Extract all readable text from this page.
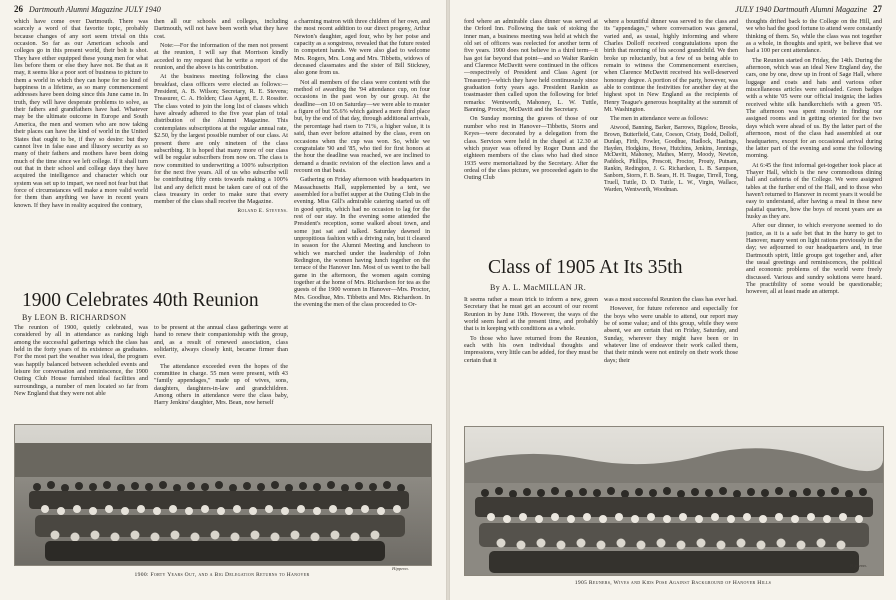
26 Dartmouth Alumni Magazine JULY 1940

which have come over Dartmouth. There was scarcely a word of that favorite topic, probably because changes of any sort seem trivial on this occasion. So far as our American schools and colleges go in this present world, their bolt is shot. They have either equipped these young men for what lies before them or else they have not. Be that as it may, it seems like a poor sort of business to picture to them a world in which they can hope for no kind of happiness in a lifetime, as so many commencement addresses have been doing since this June came in. In truth, they will have desperate problems to solve, as their fathers and grandfathers have had. Whatever may be the ultimate outcome in Europe and South America, the men and women who are now taking their places can have the kind of world in the United States that ought to be, if they so desire: but they cannot live in false ease and illusory security as so many of their fathers and mothers have been doing much of the time since we left college. If it shall turn out that in their school and college days they have acquired the intelligence and character which our system was set up to impart, we need not fear but that force of circumstances will make a more valid world for them than anything we have in recent years known. If they have in reality acquired the contrary,

then all our schools and colleges, including Dartmouth, will not have been worth what they have cost.

Note:—For the information of the men not present at the reunion, I will say that Morrison kindly acceded to my request that he write a report of the reunion, and the above is his contribution.

At the business meeting following the class breakfast, class officers were elected as follows:—President, A. B. Wilson; Secretary, R. E. Stevens; Treasurer, C. A. Holden; Class Agent, E. J. Rossiter. The class voted to join the long list of classes which have already adhered to the five year plan of total distribution of the Alumni Magazine. This contemplates subscriptions at the regular annual rate, $2.50, by the largest possible number of our class. At present there are only nineteen of the class subscribing. It is hoped that many more of our class will be regular subscribers from now on. The class is now committed to underwriting a 100% subscription for the next five years. All of us who subscribe will be contributing fifty cents towards making a 100% list and any deficit must be taken care of out of the class treasury in order to make sure that every member of the class shall receive the Magazine.

Roland E. Stevens.
1900 Celebrates 40th Reunion
By LEON B. RICHARDSON

The reunion of 1900, quietly celebrated, was considered by all in attendance as ranking high among the successful gatherings which the class has held in the forty years of its existence as graduates. For the most part the weather was ideal, the program was happily balanced between scheduled events and leisure for conversation and reminiscence, the 1900 Outing Club House furnished ideal facilities and surroundings, a number of men located so far from New England that they were not able

to be present at the annual class gatherings were at hand to renew their companionship with the group, and, as a result of renewed association, class solidarity, always closely knit, became firmer than ever.

The attendance exceeded even the hopes of the committee in charge. 55 men were present, with 43 "family appendages," made up of wives, sons, daughters, daughters-in-law and grandchildren. Among others in attendance were the class baby, Harry Jenkins' daughter, Mrs. Bean, now herself

a charming matron with three children of her own, and the most recent addition to our direct progeny, Arthur Newton's daughter, aged four, who by her poise and capacity as a songstress, revealed that the future rested in competent hands. We were also glad to welcome Mrs. Rogers, Mrs. Long and Mrs. Tibbetts, widows of deceased classmates and the sister of Bill Stickney, also gone from us.

Not all members of the class were content with the method of awarding the '94 attendance cup, on four occasions in the past won by our group. At the deadline—on 10 on Saturday—we were able to muster a figure of but 55.6% which gained a mere third place but, by the end of that day, through additional arrivals, the percentage had risen to 71%, a higher value, it is said, than ever before attained by the class, even on occasions when the cup was won. So, while we congratulate '90 and '85, who tied for first honors at the hour the deadline was reached, we are inclined to demand a drastic revision of the election laws and a recount on that basis.

Gathering on Friday afternoon with headquarters in Massachusetts Hall, supplemented by a tent, we assembled for a buffet supper at the Outing Club in the evening. Miss Gill's admirable catering started us off in good spirits, which had no occasion to lag for the rest of our stay. In the evening some attended the President's reception, some walked about town, and some just sat and talked. Saturday dawned in unpropitious fashion with a driving rain, but it cleared in season for the Alumni Meeting and luncheon to which we marched under the leadership of John Redington, the women having lunch together on the terrace of the Hanover Inn. Most of us went to the ball game in the afternoon, the women again coming together at the home of Mrs. Richardson for tea as the guests of the 1900 women in Hanover—Mrs. Proctor, Mrs. Goodhue, Mrs. Tibbetts and Mrs. Richardson. In the evening the men of the class proceeded to Or-

Hippeno.
1900: Forty Years Out, and a Big Delegation Returns to Hanover
JULY 1940 Dartmouth Alumni Magazine 27

ford where an admirable class dinner was served at the Orford Inn. Following the task of stoking the inner man, a business meeting was held at which the old set of officers was reelected for another term of five years. 1900 does not believe in a third term—it has got far beyond that point—and so Walter Rankin and Clarence McDavitt were continued in the offices—respectively of President and Class Agent (or Treasurer)—which they have held continuously since graduation forty years ago. President Rankin as toastmaster then called upon the following for brief remarks: Wentworth, Mahoney, L. W. Tuttle, Banning, Proctor, McDavitt and the Secretary.

On Sunday morning the graves of those of our number who rest in Hanover—Tibbetts, Storrs and Keyes—were decorated by a delegation from the class. Services were held in the chapel at 12.30 at which prayer was offered by Roger Dunn and the eighteen members of the class who had died since 1935 were memorialized by the Secretary. After the ordeal of the class picture, we proceeded again to the Outing Club

where a bountiful dinner was served to the class and its "appendages," where conversation was general, varied and, as usual, highly informing and where Charles Dolloff received congratulations upon the birth that morning of his second grandchild. We then broke up reluctantly, but a few of us being able to remain to witness the Commencement exercises, when Clarence McDavitt received his well-deserved honorary degree. A portion of the party, however, was able to continue the festivities for another day at the highest spot in New England as the recipients of Henry Teague's generous hospitality at the summit of Mt. Washington.

The men in attendance were as follows:

Atwood, Banning, Barker, Barrows, Bigelow, Brooks, Brown, Butterfield, Cate, Coeson, Cristy, Dodd, Dolloff, Dunlap, Firth, Fowler, Goodhue, Hadlock, Hastings, Hayden, Hodgkins, Howe, Hutchins, Jenkins, Jennings, McDavitt, Mahoney, Mathes, Merry, Moody, Newton, Paddock, Phillips, Prescott, Proctor, Prouty, Putnam, Rankin, Redington, J. G. Richardson, L. B. Sampson, Sanborn, Storrs, F. B. Sears, H. H. Teague, Tirrell, Tong, Truell, Tuttle, D. D. Tuttle, L. W., Virgin, Wallace, Warden, Wentworth, Woodman.

Class of 1905 At Its 35th
By A. L. MacMILLAN JR.

It seems rather a mean trick to inform a new, green Secretary that he must get an account of our recent Reunion in by June 19th. However, the ways of the world seem hard at the present time, and probably that is in keeping with conditions as a whole.

To those who have returned from the Reunion, each with his own individual thoughts and impressions, very little can be added, for they must be certain that it

was a most successful Reunion the class has ever had.

However, for future reference and especially for the boys who were unable to attend, our report may be of some value; and of this group, while they were absent, we are certain that on Friday, Saturday, and Sunday, wherever they might have been or in whatever line of endeavor their work called them, that their minds were not entirely on their work those days; their

thoughts drifted back to the College on the Hill, and we who had the good fortune to attend were constantly thinking of them. So, while the class was not together as a whole, in thoughts and spirit, we believe that we had a 100 per cent attendance.

The Reunion started on Friday, the 14th. During the afternoon, which was an ideal New England day, the cars, one by one, drew up in front of Sage Hall, where luggage and coats and hats and various other miscellaneous articles were unloaded. Green badges with a white '05 were our official insignia; the ladies received white silk handkerchiefs with a green '05. The afternoon was spent mostly in finding our assigned rooms and in getting oriented for the two days which were ahead of us. By the latter part of the afternoon, most of the class had assembled at our headquarters, except for an occasional arrival during the latter part of the evening and some the following morning.

At 6:45 the first informal get-together took place at Thayer Hall, which is the new commodious dining hall and cafeteria of the College. We were assigned tables at the further end of the Hall, and to those who haven't returned to Hanover in recent years it would be easy to understand, after having a meal in these new palatial quarters, how the boys of recent years are as husky as they are.

After our dinner, to which everyone seemed to do justice, as it is a safe bet that in the hurry to get to Hanover, many went on light rations previously in the day; we adjourned to our headquarters and, in true Dartmouth spirit, little groups got together and, after the usual greetings and reminiscences, the political and economic problems of the world were freely discussed. Various and sundry solutions were heard. The practibility of some would be questionable; however, all at least made an attempt.

Hippeno.
1905 Reuners, Wives and Kids Pose Against Background of Hanover Hills
